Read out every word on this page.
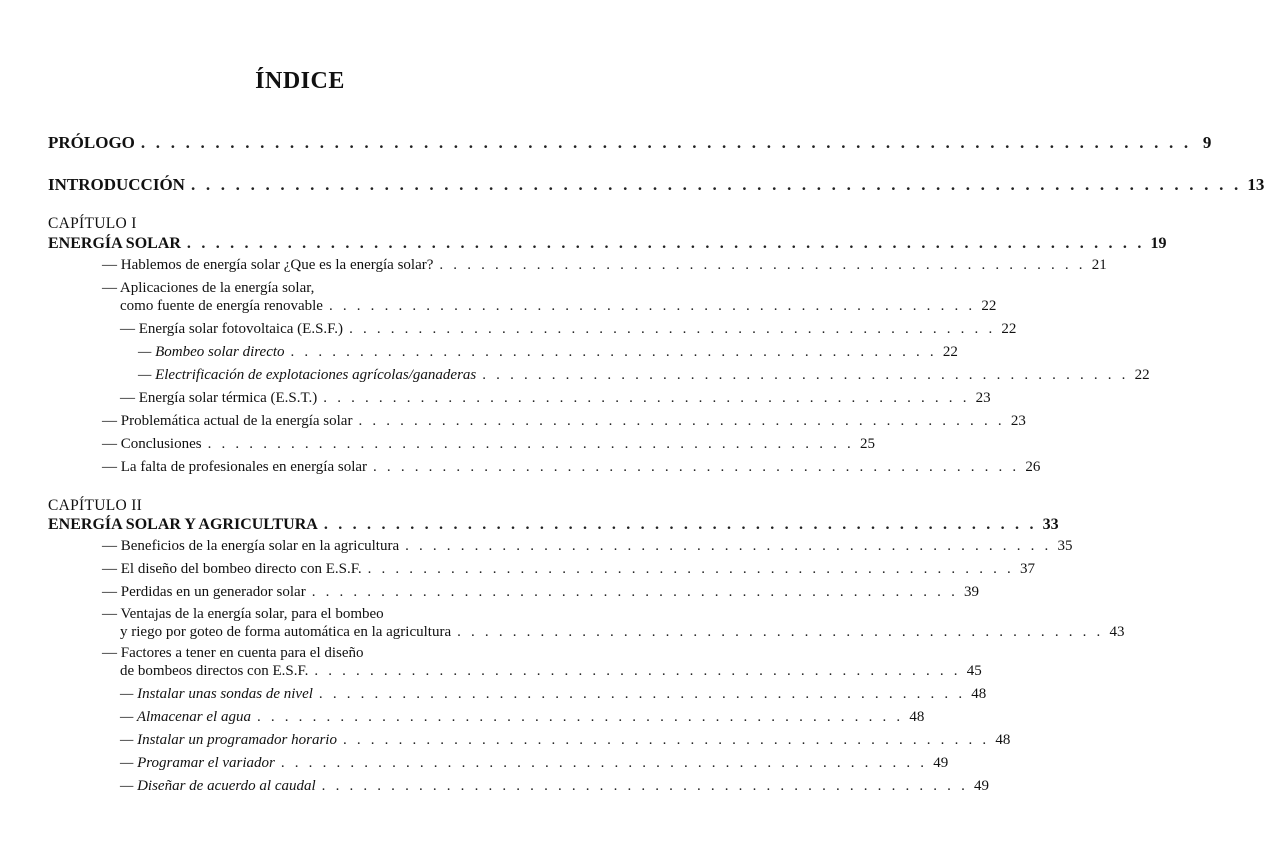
ÍNDICE
PRÓLOGO . . . . . . . . . . . . . . . . . . . . . . . . . . . . . . . . . . . . . . . . . . . . . . . . . . . . . . . . . . . . . . . . . . . . . . . 9
INTRODUCCIÓN . . . . . . . . . . . . . . . . . . . . . . . . . . . . . . . . . . . . . . . . . . . . . . . . . . . . . . . . . . . . . . . . . . . . . . . 13
CAPÍTULO I
ENERGÍA SOLAR . . . . . . . . . . . . . . . . . . . . . . . . . . . . . . . . . . . . . . . . . . . . . . . . . . . . . . . . . . . . . . . . . . . 19
— Hablemos de energía solar ¿Que es la energía solar? . . . . . . . . . . . . . . . . . . . . . . . . . . . . . . . . . . . . . . . . . . . . . . . 21
— Aplicaciones de la energía solar,
como fuente de energía renovable . . . . . . . . . . . . . . . . . . . . . . . . . . . . . . . . . . . . . . . . . . . . . . . 22
— Energía solar fotovoltaica (E.S.F.) . . . . . . . . . . . . . . . . . . . . . . . . . . . . . . . . . . . . . . . . . . . . . . . 22
— Bombeo solar directo . . . . . . . . . . . . . . . . . . . . . . . . . . . . . . . . . . . . . . . . . . . . . . . 22
— Electrificación de explotaciones agrícolas/ganaderas . . . . . . . . . . . . . . . . . . . . . . . . . . . . . . . . . . . . . . . . . . . . . . . 22
— Energía solar térmica (E.S.T.) . . . . . . . . . . . . . . . . . . . . . . . . . . . . . . . . . . . . . . . . . . . . . . . 23
— Problemática actual de la energía solar . . . . . . . . . . . . . . . . . . . . . . . . . . . . . . . . . . . . . . . . . . . . . . . 23
— Conclusiones . . . . . . . . . . . . . . . . . . . . . . . . . . . . . . . . . . . . . . . . . . . . . . . 25
— La falta de profesionales en energía solar . . . . . . . . . . . . . . . . . . . . . . . . . . . . . . . . . . . . . . . . . . . . . . . 26
CAPÍTULO II
ENERGÍA SOLAR Y AGRICULTURA . . . . . . . . . . . . . . . . . . . . . . . . . . . . . . . . . . . . . . . . . . . . . . . . . . 33
— Beneficios de la energía solar en la agricultura . . . . . . . . . . . . . . . . . . . . . . . . . . . . . . . . . . . . . . . . . . . . . . . 35
— El diseño del bombeo directo con E.S.F. . . . . . . . . . . . . . . . . . . . . . . . . . . . . . . . . . . . . . . . . . . . . . . . 37
— Perdidas en un generador solar . . . . . . . . . . . . . . . . . . . . . . . . . . . . . . . . . . . . . . . . . . . . . . . 39
— Ventajas de la energía solar, para el bombeo
y riego por goteo de forma automática en la agricultura . . . . . . . . . . . . . . . . . . . . . . . . . . . . . . . . . . . . . . . . . . . . . . . 43
— Factores a tener en cuenta para el diseño
de bombeos directos con E.S.F. . . . . . . . . . . . . . . . . . . . . . . . . . . . . . . . . . . . . . . . . . . . . . . . 45
— Instalar unas sondas de nivel . . . . . . . . . . . . . . . . . . . . . . . . . . . . . . . . . . . . . . . . . . . . . . . 48
— Almacenar el agua . . . . . . . . . . . . . . . . . . . . . . . . . . . . . . . . . . . . . . . . . . . . . . . 48
— Instalar un programador horario . . . . . . . . . . . . . . . . . . . . . . . . . . . . . . . . . . . . . . . . . . . . . . . 48
— Programar el variador . . . . . . . . . . . . . . . . . . . . . . . . . . . . . . . . . . . . . . . . . . . . . . . 49
— Diseñar de acuerdo al caudal . . . . . . . . . . . . . . . . . . . . . . . . . . . . . . . . . . . . . . . . . . . . . . . 49
